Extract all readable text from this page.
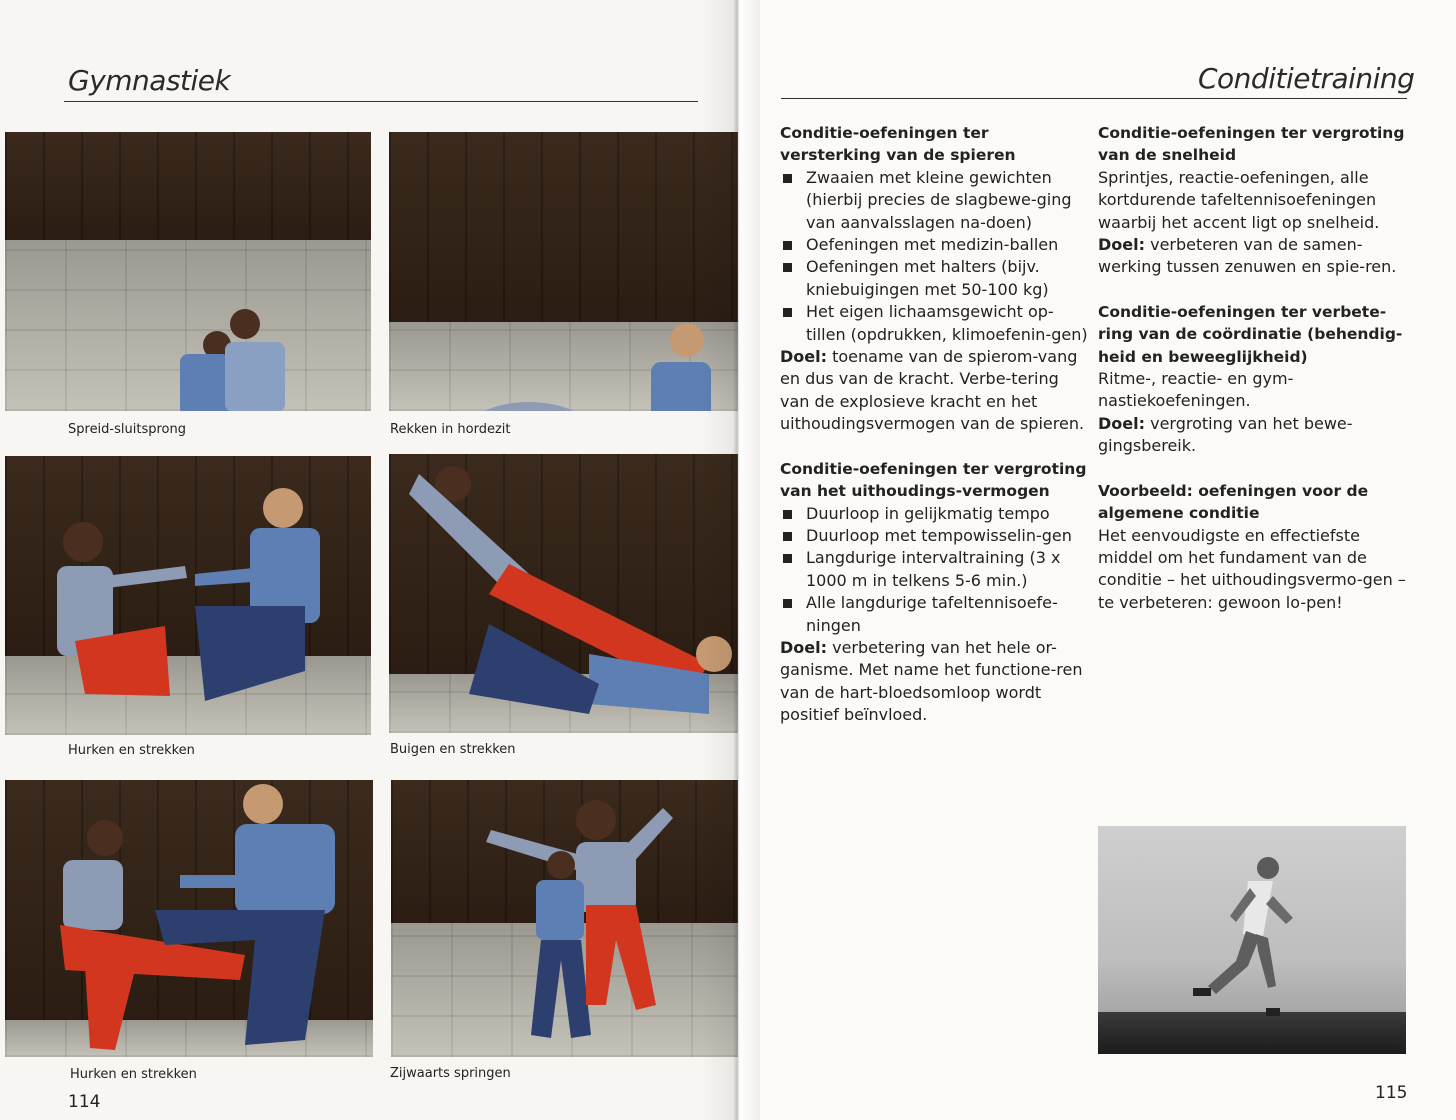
Gymnastiek
Spreid-sluitsprong	Rekken in hordezit
Hurken en strekken	Buigen en strekken
Hurken en strekken	Zijwaarts springen
114
Conditietraining
Conditie-oefeningen ter versterking van de spieren
Zwaaien met kleine gewichten (hierbij precies de slagbewe-ging van aanvalsslagen na-doen)
Oefeningen met medizin-ballen
Oefeningen met halters (bijv. kniebuigingen met 50-100 kg)
Het eigen lichaamsgewicht op-tillen (opdrukken, klimoefenin-gen)

Doel: toename van de spierom-vang en dus van de kracht. Verbe-tering van de explosieve kracht en het uithoudingsvermogen van de spieren.

Conditie-oefeningen ter vergroting van het uithoudings-vermogen
Duurloop in gelijkmatig tempo
Duurloop met tempowisselin-gen
Langdurige intervaltraining (3 x 1000 m in telkens 5-6 min.)
Alle langdurige tafeltennisoefe-ningen

Doel: verbetering van het hele or-ganisme. Met name het functione-ren van de hart-bloedsomloop wordt positief beïnvloed.

Conditie-oefeningen ter vergroting van de snelheid

Sprintjes, reactie-oefeningen, alle kortdurende tafeltennisoefeningen waarbij het accent ligt op snelheid.

Doel: verbeteren van de samen-werking tussen zenuwen en spie-ren.

Conditie-oefeningen ter verbete-ring van de coördinatie (behendig-heid en beweeglijkheid)

Ritme-, reactie- en gym-nastiekoefeningen.

Doel: vergroting van het bewe-gingsbereik.

Voorbeeld: oefeningen voor de algemene conditie

Het eenvoudigste en effectiefste middel om het fundament van de conditie – het uithoudingsvermo-gen – te verbeteren: gewoon lo-pen!

115
